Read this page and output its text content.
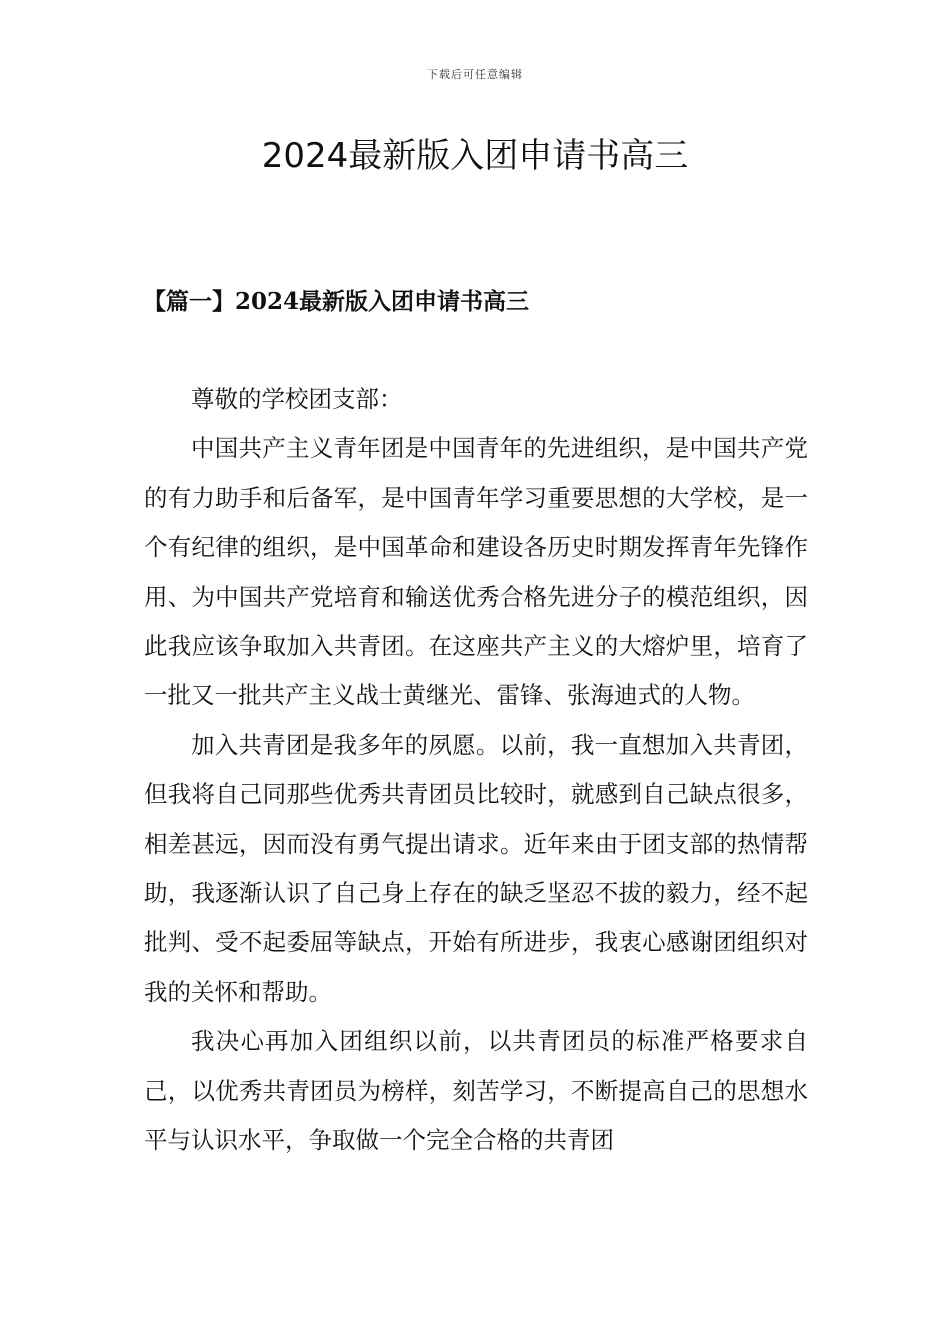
下载后可任意编辑
2024最新版入团申请书高三
【篇一】2024最新版入团申请书高三

尊敬的学校团支部：

中国共产主义青年团是中国青年的先进组织，是中国共产党的有力助手和后备军，是中国青年学习重要思想的大学校，是一个有纪律的组织，是中国革命和建设各历史时期发挥青年先锋作用、为中国共产党培育和输送优秀合格先进分子的模范组织，因此我应该争取加入共青团。在这座共产主义的大熔炉里，培育了一批又一批共产主义战士黄继光、雷锋、张海迪式的人物。

加入共青团是我多年的夙愿。以前，我一直想加入共青团，但我将自己同那些优秀共青团员比较时，就感到自己缺点很多，相差甚远，因而没有勇气提出请求。近年来由于团支部的热情帮助，我逐渐认识了自己身上存在的缺乏坚忍不拔的毅力，经不起批判、受不起委屈等缺点，开始有所进步，我衷心感谢团组织对我的关怀和帮助。

我决心再加入团组织以前，以共青团员的标准严格要求自己，以优秀共青团员为榜样，刻苦学习，不断提高自己的思想水平与认识水平，争取做一个完全合格的共青团
